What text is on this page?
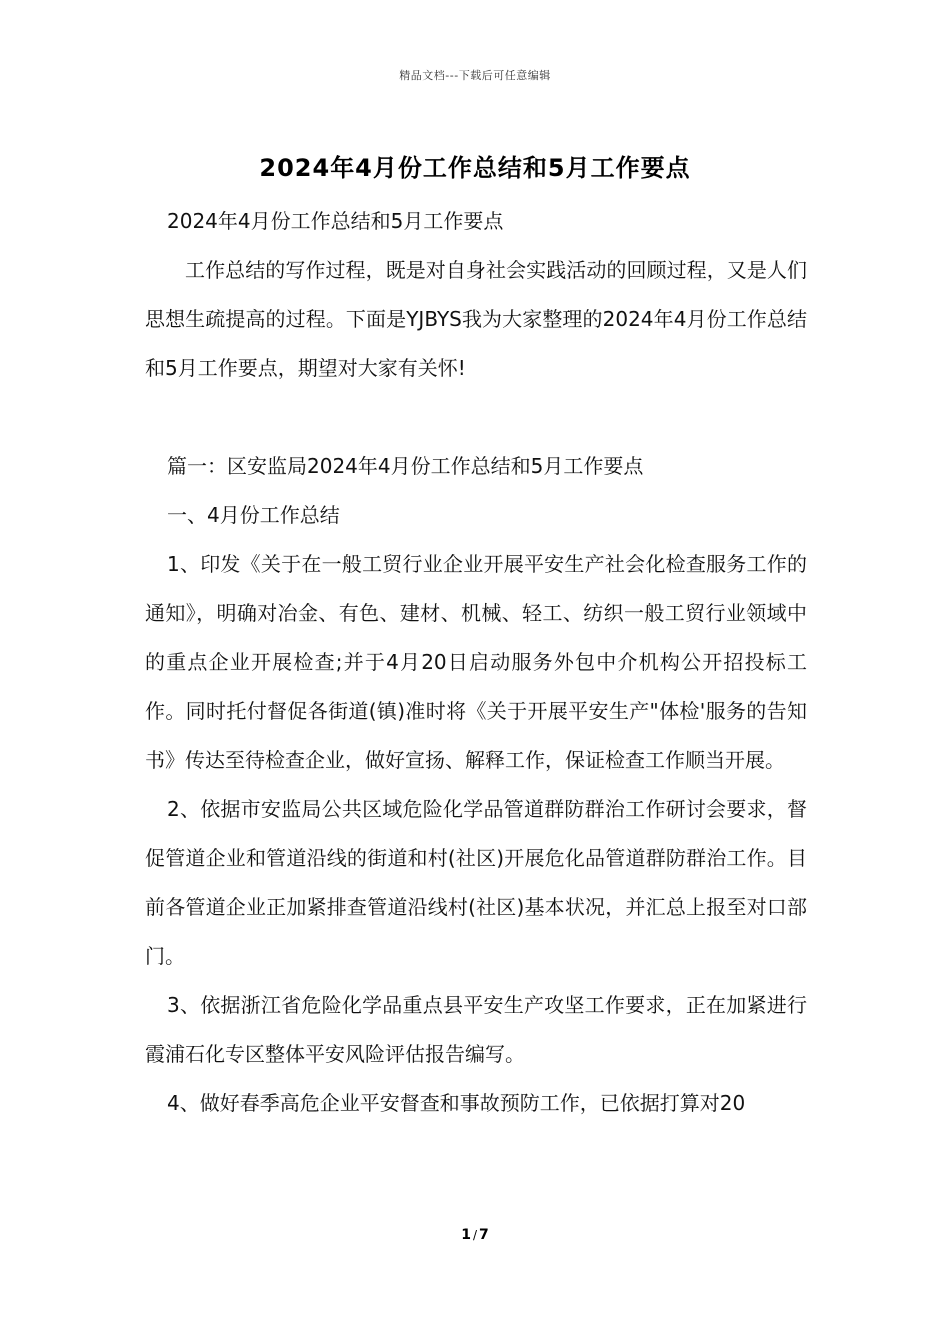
精品文档---下载后可任意编辑
2024年4月份工作总结和5月工作要点

2024年4月份工作总结和5月工作要点

工作总结的写作过程，既是对自身社会实践活动的回顾过程，又是人们思想生疏提高的过程。下面是YJBYS我为大家整理的2024年4月份工作总结和5月工作要点，期望对大家有关怀!

篇一：区安监局2024年4月份工作总结和5月工作要点

一、4月份工作总结

1、印发《关于在一般工贸行业企业开展平安生产社会化检查服务工作的通知》，明确对冶金、有色、建材、机械、轻工、纺织一般工贸行业领域中的重点企业开展检查;并于4月20日启动服务外包中介机构公开招投标工作。同时托付督促各街道(镇)准时将《关于开展平安生产"体检'服务的告知书》传达至待检查企业，做好宣扬、解释工作，保证检查工作顺当开展。

2、依据市安监局公共区域危险化学品管道群防群治工作研讨会要求，督促管道企业和管道沿线的街道和村(社区)开展危化品管道群防群治工作。目前各管道企业正加紧排查管道沿线村(社区)基本状况，并汇总上报至对口部门。

3、依据浙江省危险化学品重点县平安生产攻坚工作要求，正在加紧进行霞浦石化专区整体平安风险评估报告编写。

4、做好春季高危企业平安督查和事故预防工作，已依据打算对20

1 / 7
